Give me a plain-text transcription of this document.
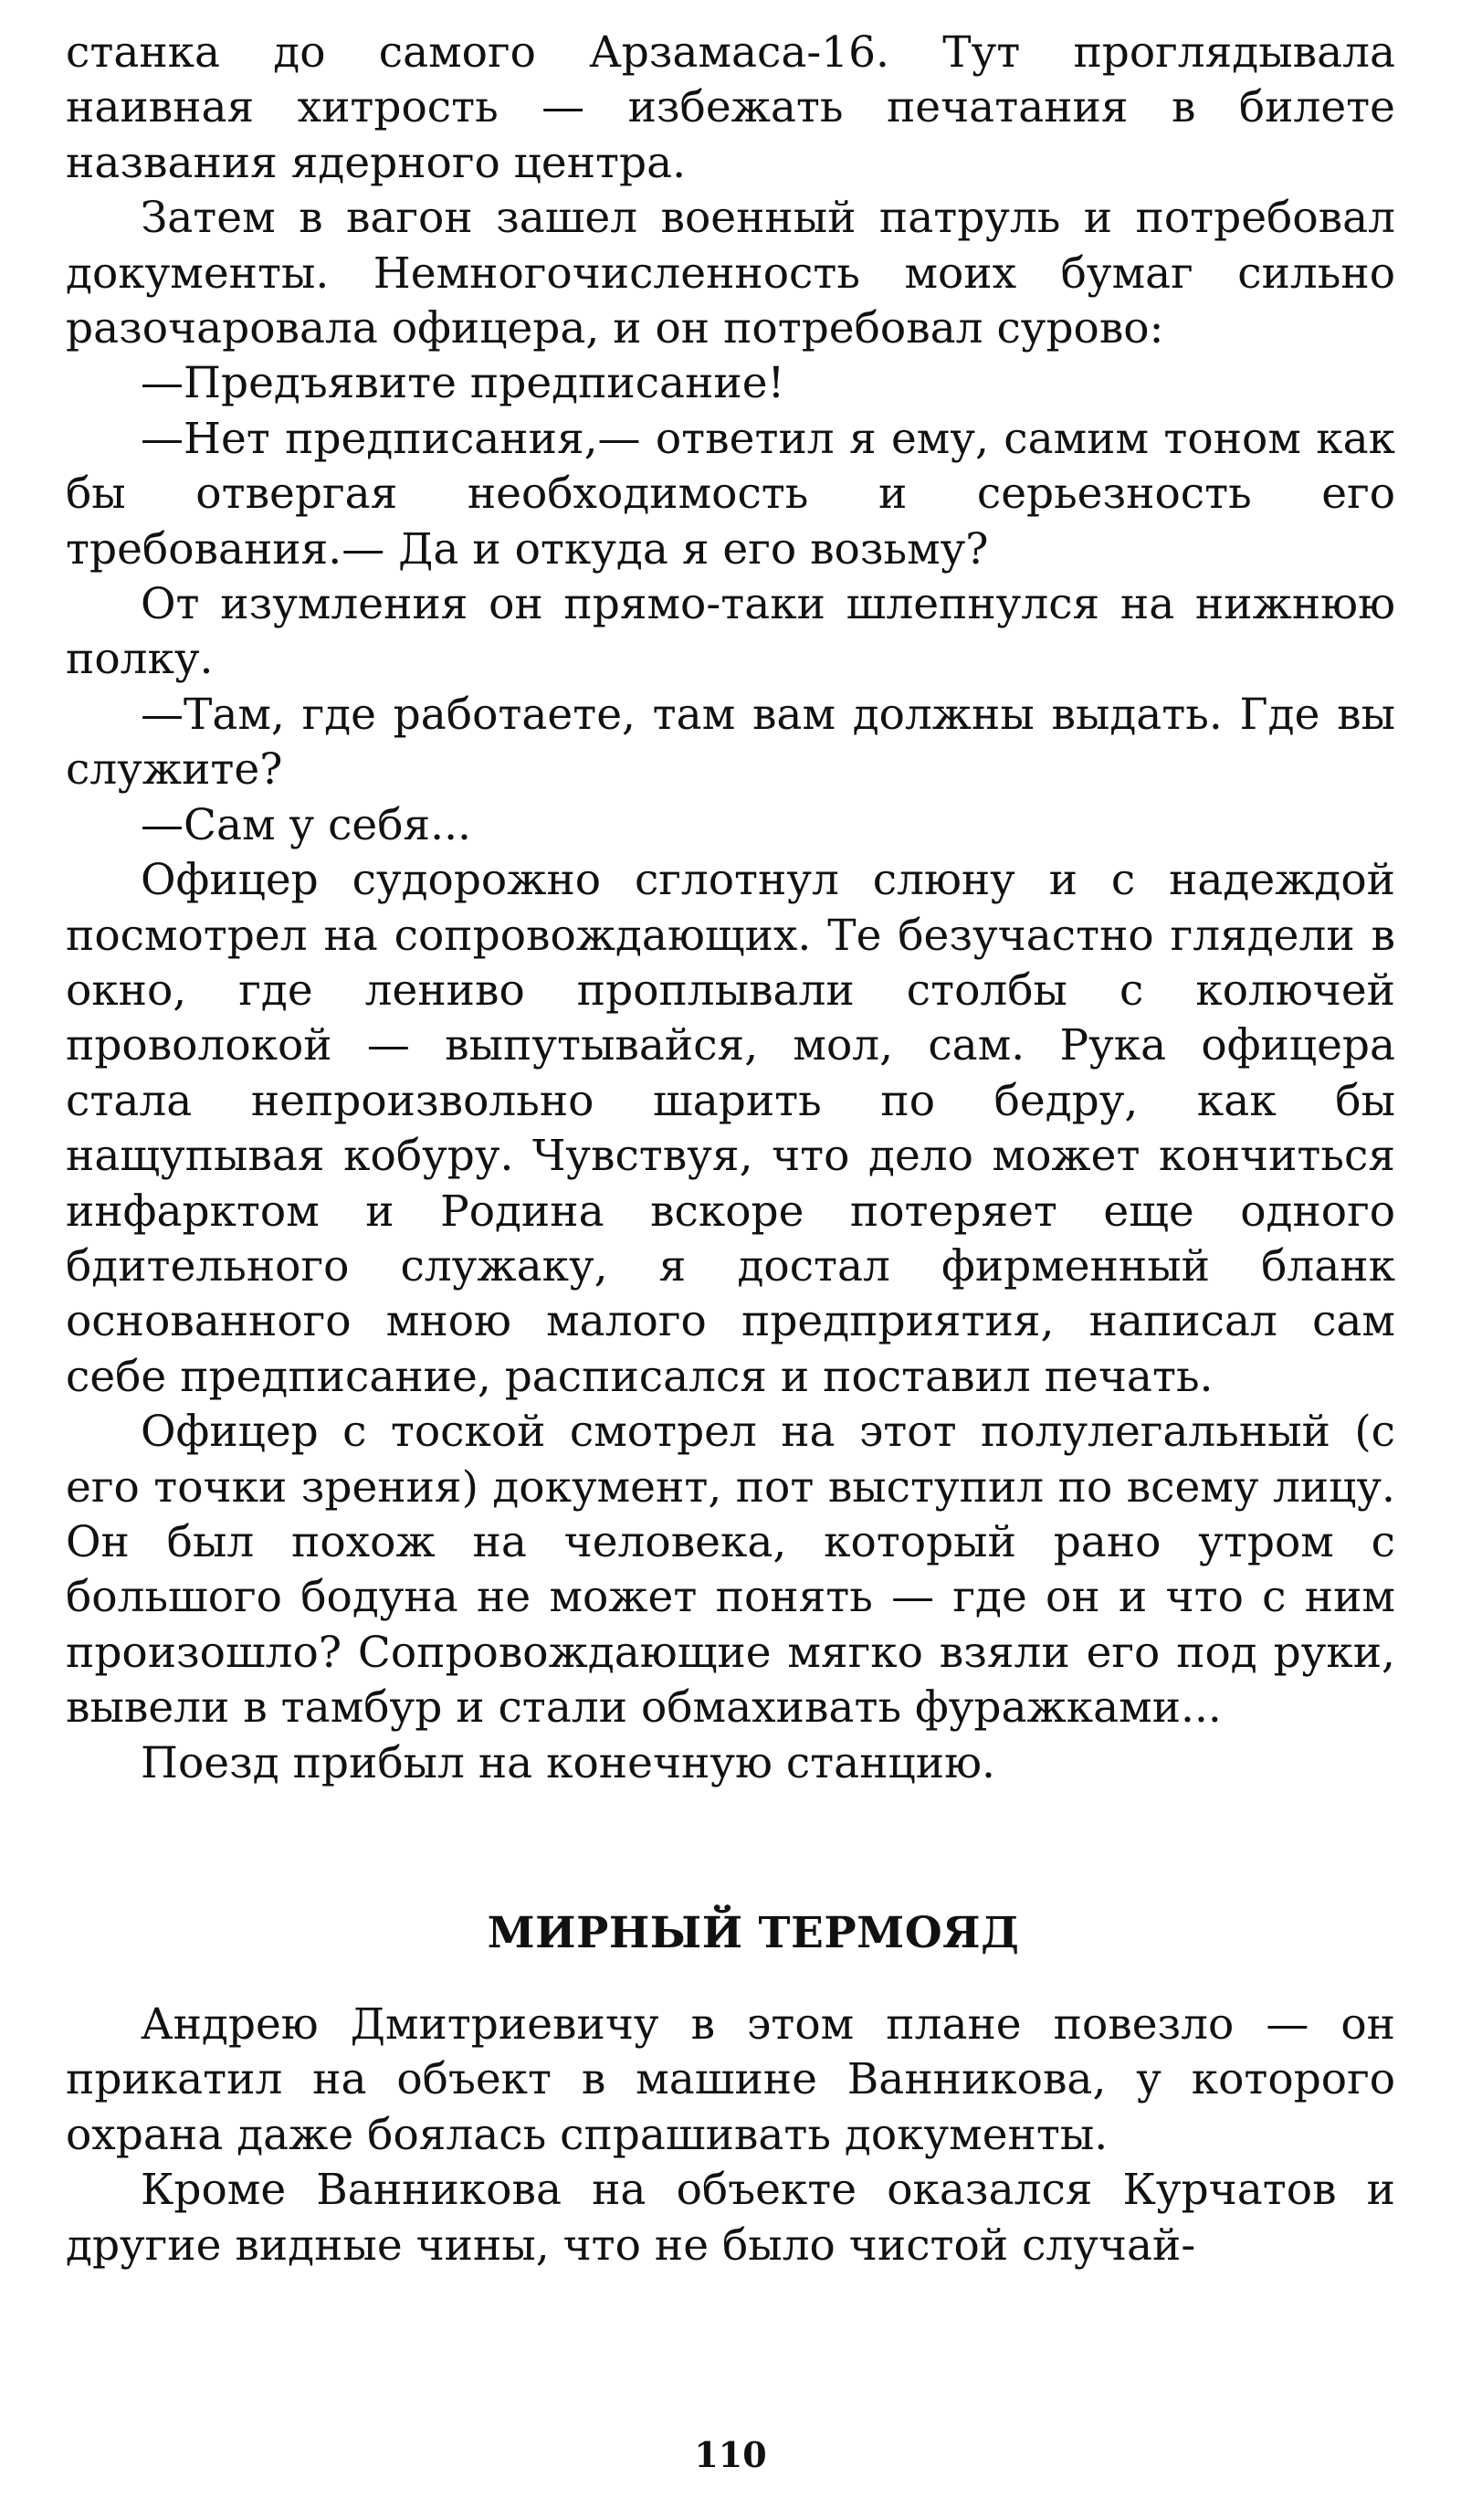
станка до самого Арзамаса-16. Тут проглядывала наивная хитрость — избежать печатания в билете названия ядерного центра.

Затем в вагон зашел военный патруль и потребовал документы. Немногочисленность моих бумаг сильно разочаровала офицера, и он потребовал сурово:

—Предъявите предписание!

—Нет предписания,— ответил я ему, самим тоном как бы отвергая необходимость и серьезность его требования.— Да и откуда я его возьму?

От изумления он прямо-таки шлепнулся на нижнюю полку.

—Там, где работаете, там вам должны выдать. Где вы служите?

—Сам у себя...

Офицер судорожно сглотнул слюну и с надеждой посмотрел на сопровождающих. Те безучастно глядели в окно, где лениво проплывали столбы с колючей проволокой — выпутывайся, мол, сам. Рука офицера стала непроизвольно шарить по бедру, как бы нащупывая кобуру. Чувствуя, что дело может кончиться инфарктом и Родина вскоре потеряет еще одного бдительного служаку, я достал фирменный бланк основанного мною малого предприятия, написал сам себе предписание, расписался и поставил печать.

Офицер с тоской смотрел на этот полулегальный (с его точки зрения) документ, пот выступил по всему лицу. Он был похож на человека, который рано утром с большого бодуна не может понять — где он и что с ним произошло? Сопровождающие мягко взяли его под руки, вывели в тамбур и стали обмахивать фуражками...

Поезд прибыл на конечную станцию.

МИРНЫЙ ТЕРМОЯД

Андрею Дмитриевичу в этом плане повезло — он прикатил на объект в машине Ванникова, у которого охрана даже боялась спрашивать документы.

Кроме Ванникова на объекте оказался Курчатов и другие видные чины, что не было чистой случай-

110
